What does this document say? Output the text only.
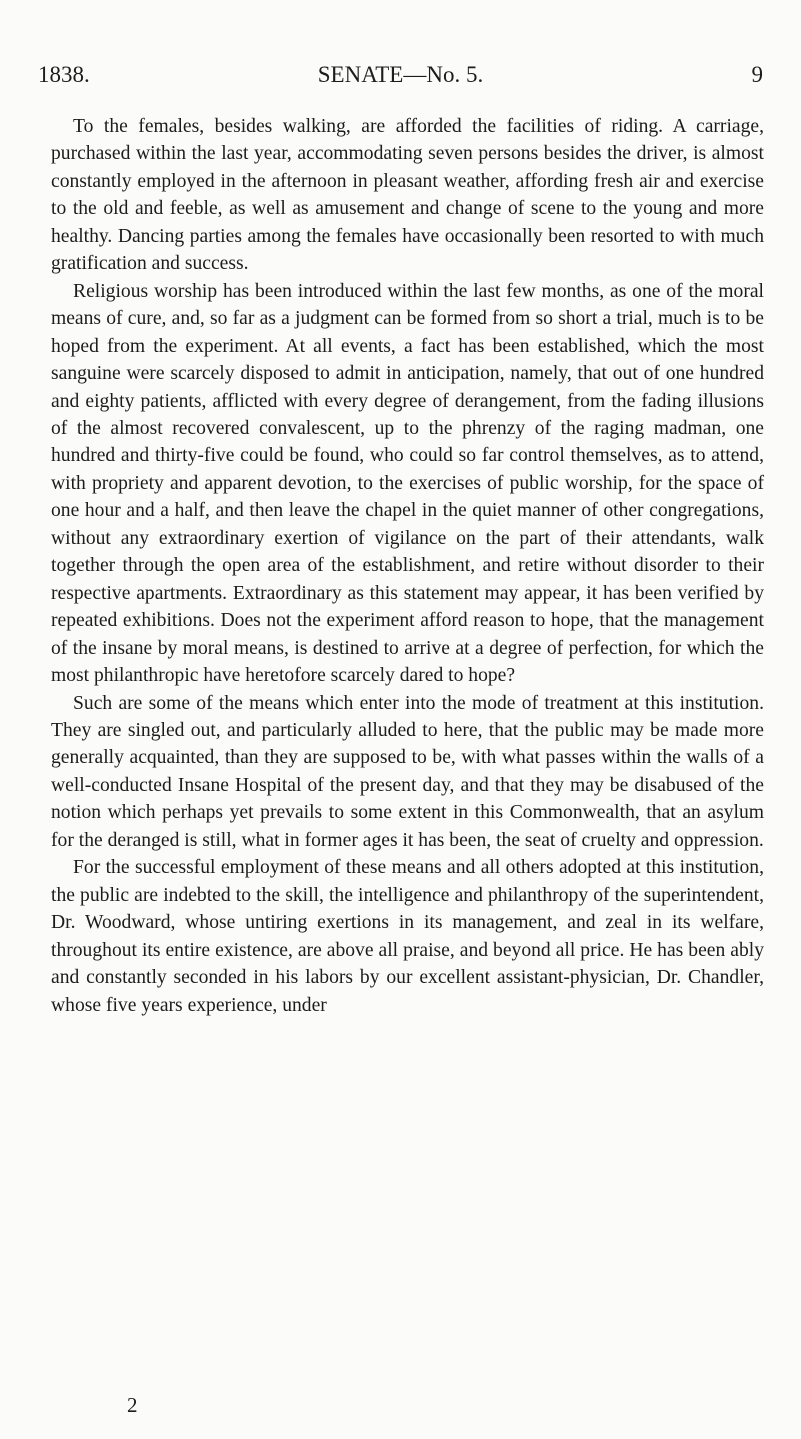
1838.	SENATE—No. 5.	9

To the females, besides walking, are afforded the facilities of riding. A carriage, purchased within the last year, accommodating seven persons besides the driver, is almost constantly employed in the afternoon in pleasant weather, affording fresh air and exercise to the old and feeble, as well as amusement and change of scene to the young and more healthy. Dancing parties among the females have occasionally been resorted to with much gratification and success.

Religious worship has been introduced within the last few months, as one of the moral means of cure, and, so far as a judgment can be formed from so short a trial, much is to be hoped from the experiment. At all events, a fact has been established, which the most sanguine were scarcely disposed to admit in anticipation, namely, that out of one hundred and eighty patients, afflicted with every degree of derangement, from the fading illusions of the almost recovered convalescent, up to the phrenzy of the raging madman, one hundred and thirty-five could be found, who could so far control themselves, as to attend, with propriety and apparent devotion, to the exercises of public worship, for the space of one hour and a half, and then leave the chapel in the quiet manner of other congregations, without any extraordinary exertion of vigilance on the part of their attendants, walk together through the open area of the establishment, and retire without disorder to their respective apartments. Extraordinary as this statement may appear, it has been verified by repeated exhibitions. Does not the experiment afford reason to hope, that the management of the insane by moral means, is destined to arrive at a degree of perfection, for which the most philanthropic have heretofore scarcely dared to hope?

Such are some of the means which enter into the mode of treatment at this institution. They are singled out, and particularly alluded to here, that the public may be made more generally acquainted, than they are supposed to be, with what passes within the walls of a well-conducted Insane Hospital of the present day, and that they may be disabused of the notion which perhaps yet prevails to some extent in this Commonwealth, that an asylum for the deranged is still, what in former ages it has been, the seat of cruelty and oppression.

For the successful employment of these means and all others adopted at this institution, the public are indebted to the skill, the intelligence and philanthropy of the superintendent, Dr. Woodward, whose untiring exertions in its management, and zeal in its welfare, throughout its entire existence, are above all praise, and beyond all price. He has been ably and constantly seconded in his labors by our excellent assistant-physician, Dr. Chandler, whose five years experience, under

2
